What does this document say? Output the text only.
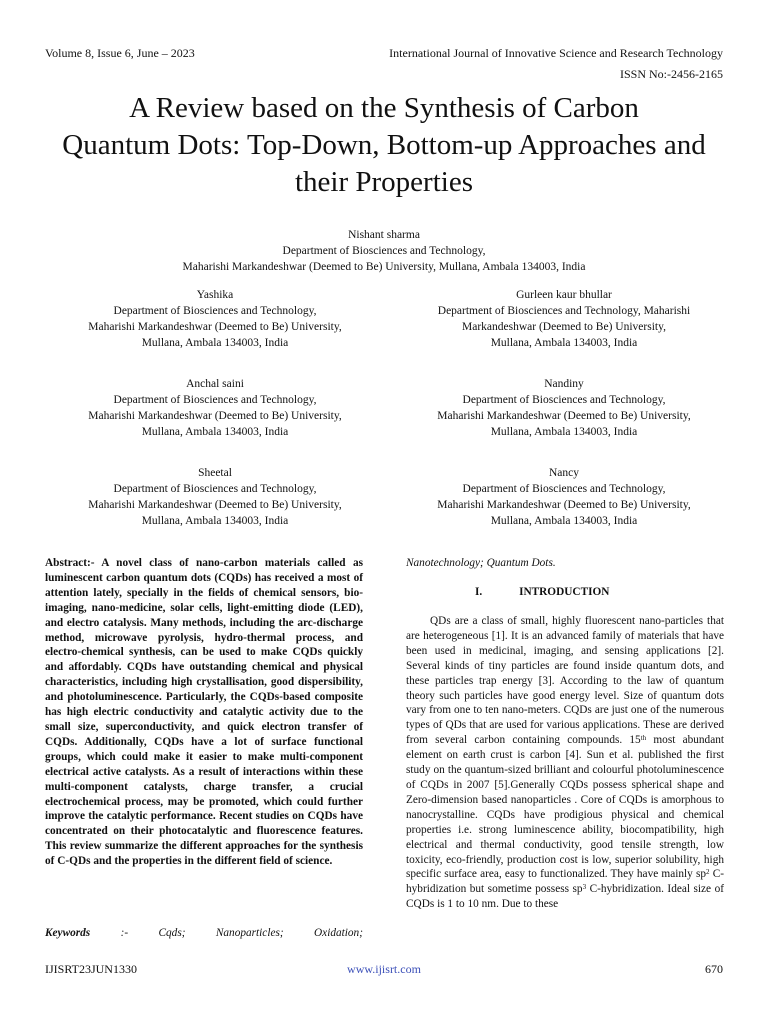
Volume 8, Issue 6, June – 2023	International Journal of Innovative Science and Research Technology
ISSN No:-2456-2165
A Review based on the Synthesis of Carbon
Quantum Dots: Top-Down, Bottom-up Approaches and
their Properties
Nishant sharma
Department of Biosciences and Technology,
Maharishi Markandeshwar (Deemed to Be) University, Mullana, Ambala 134003, India
Yashika
Department of Biosciences and Technology,
Maharishi Markandeshwar (Deemed to Be) University,
Mullana, Ambala 134003, India
Gurleen kaur bhullar
Department of Biosciences and Technology, Maharishi
Markandeshwar (Deemed to Be) University,
Mullana, Ambala 134003, India
Anchal saini
Department of Biosciences and Technology,
Maharishi Markandeshwar (Deemed to Be) University,
Mullana, Ambala 134003, India
Nandiny
Department of Biosciences and Technology,
Maharishi Markandeshwar (Deemed to Be) University,
Mullana, Ambala 134003, India
Sheetal
Department of Biosciences and Technology,
Maharishi Markandeshwar (Deemed to Be) University,
Mullana, Ambala 134003, India
Nancy
Department of Biosciences and Technology,
Maharishi Markandeshwar (Deemed to Be) University,
Mullana, Ambala 134003, India

Abstract:- A novel class of nano-carbon materials called as luminescent carbon quantum dots (CQDs) has received a most of attention lately, specially in the fields of chemical sensors, bio-imaging, nano-medicine, solar cells, light-emitting diode (LED), and electro catalysis. Many methods, including the arc-discharge method, microwave pyrolysis, hydro-thermal process, and electro-chemical synthesis, can be used to make CQDs quickly and affordably. CQDs have outstanding chemical and physical characteristics, including high crystallisation, good dispersibility, and photoluminescence. Particularly, the CQDs-based composite has high electric conductivity and catalytic activity due to the small size, superconductivity, and quick electron transfer of CQDs. Additionally, CQDs have a lot of surface functional groups, which could make it easier to make multi-component electrical active catalysts. As a result of interactions within these multi-component catalysts, charge transfer, a crucial electrochemical process, may be promoted, which could further improve the catalytic performance. Recent studies on CQDs have concentrated on their photocatalytic and fluorescence features. This review summarize the different approaches for the synthesis of C-QDs and the properties in the different field of science.

Keywords	:-	Cqds;	Nanoparticles;	Oxidation;
Nanotechnology; Quantum Dots.
I.	INTRODUCTION

QDs are a class of small, highly fluorescent nano-particles that are heterogeneous [1]. It is an advanced family of materials that have been used in medicinal, imaging, and sensing applications [2]. Several kinds of tiny particles are found inside quantum dots, and these particles trap energy [3]. According to the law of quantum theory such particles have good energy level. Size of quantum dots vary from one to ten nano-meters. CQDs are just one of the numerous types of QDs that are used for various applications. These are derived from several carbon containing compounds. 15th most abundant element on earth crust is carbon [4]. Sun et al. published the first study on the quantum-sized brilliant and colourful photoluminescence of CQDs in 2007 [5].Generally CQDs possess spherical shape and Zero-dimension based nanoparticles . Core of CQDs is amorphous to nanocrystalline. CQDs have prodigious physical and chemical properties i.e. strong luminescence ability, biocompatibility, high electrical and thermal conductivity, good tensile strength, low toxicity, eco-friendly, production cost is low, superior solubility, high specific surface area, easy to functionalized. They have mainly $sp^2$ C-hybridization but sometime possess $sp^3$ C-hybridization. Ideal size of CQDs is 1 to 10 nm. Due to these

IJISRT23JUN1330	www.ijisrt.com	670
